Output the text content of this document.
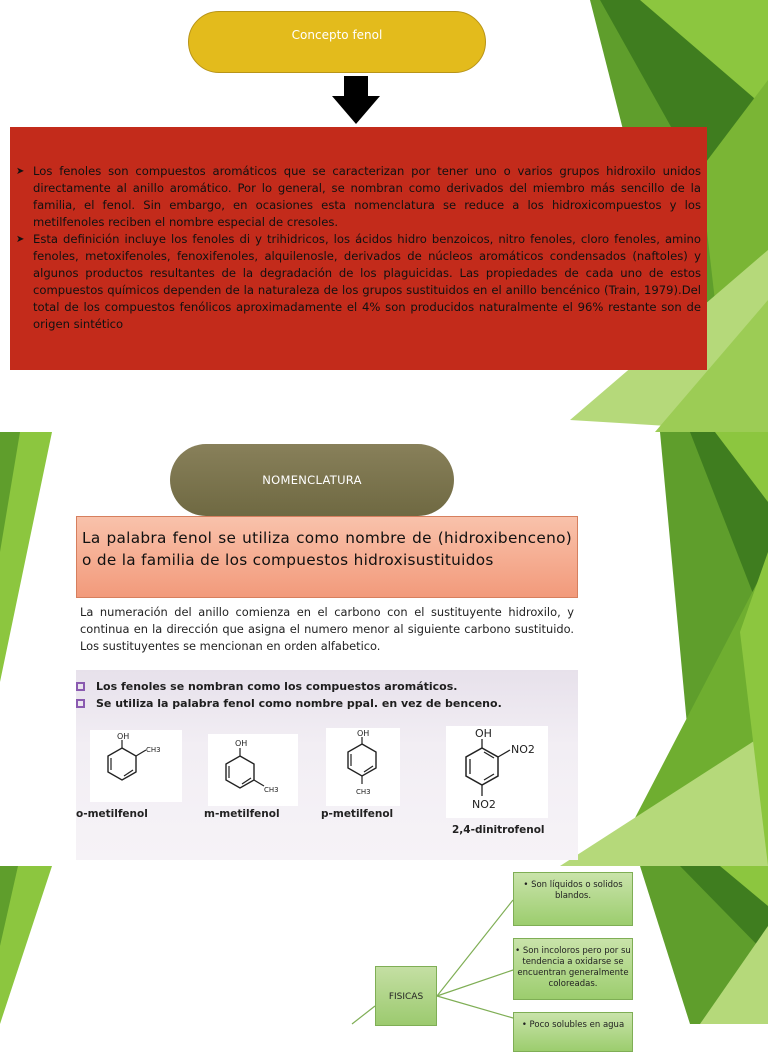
Concepto fenol
➤ Los fenoles son compuestos aromáticos que se caracterizan por tener uno o varios grupos hidroxilo unidos directamente al anillo aromático. Por lo general, se nombran como derivados del miembro más sencillo de la familia, el fenol. Sin embargo, en ocasiones esta nomenclatura se reduce a los hidroxicompuestos y los metilfenoles reciben el nombre especial de cresoles.
➤ Esta definición incluye los fenoles di y trihidricos, los ácidos hidro benzoicos, nitro fenoles, cloro fenoles, amino fenoles, metoxifenoles, fenoxifenoles, alquilenosle, derivados de núcleos aromáticos condensados (naftoles) y algunos productos resultantes de la degradación de los plaguicidas. Las propiedades de cada uno de estos compuestos químicos dependen de la naturaleza de los grupos sustituidos en el anillo bencénico (Train, 1979).Del total de los compuestos fenólicos aproximadamente el 4% son producidos naturalmente el 96% restante son de origen sintético
NOMENCLATURA
La palabra fenol se utiliza como nombre de (hidroxibenceno) o de la familia de los compuestos hidroxisustituidos
La numeración del anillo comienza en el carbono con el sustituyente hidroxilo, y continua en la dirección que asigna el numero menor al siguiente carbono sustituido. Los sustituyentes se mencionan en orden alfabetico.
Los fenoles se nombran como los compuestos aromáticos.
Se utiliza la palabra fenol como nombre ppal. en vez de benceno.
OH
CH3
OH
CH3
OH
CH3
OH
NO2
NO2
o-metilfenol	m-metilfenol	p-metilfenol
2,4-dinitrofenol
FISICAS
• Son líquidos o solidos blandos.
• Son incoloros pero por su tendencia a oxidarse se encuentran generalmente coloreadas.
• Poco solubles en agua
